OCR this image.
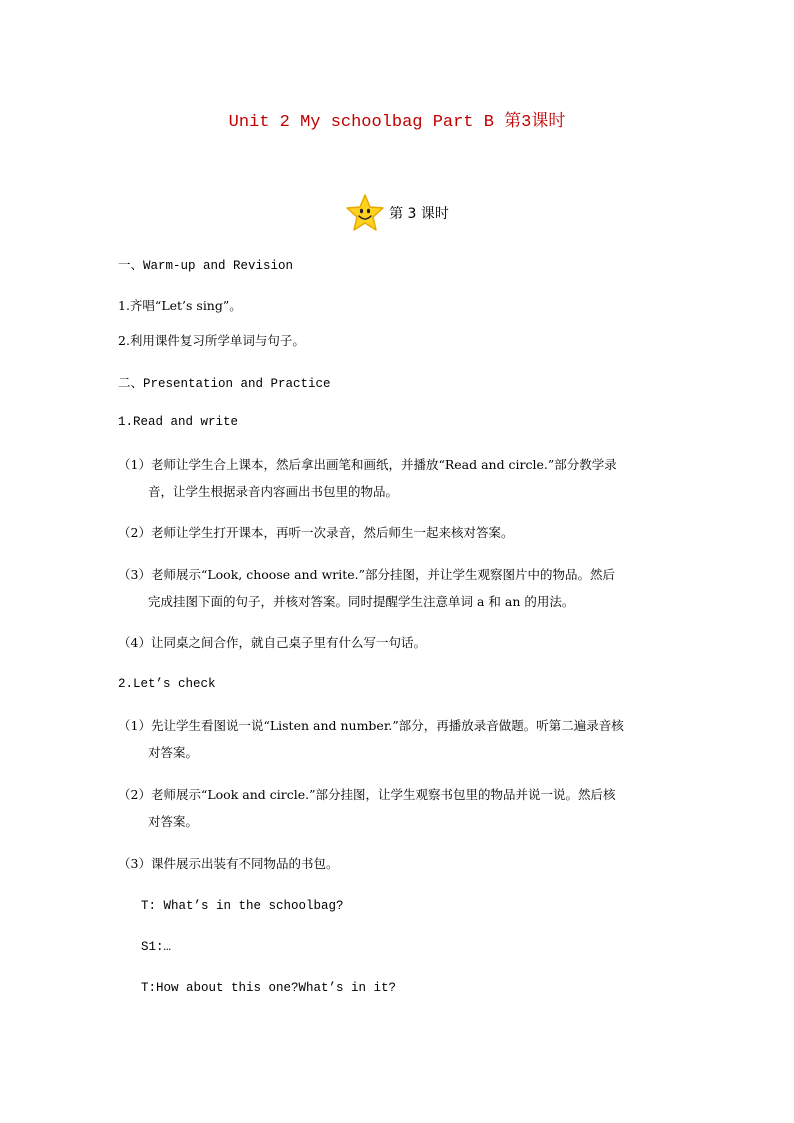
Unit 2 My schoolbag Part B 第3课时
第 3 课时
一、Warm-up and Revision
1.齐唱“Let’s sing”。
2.利用课件复习所学单词与句子。
二、Presentation and Practice
1.Read and write
（1）老师让学生合上课本，然后拿出画笔和画纸，并播放“Read and circle.”部分教学录
音，让学生根据录音内容画出书包里的物品。
（2）老师让学生打开课本，再听一次录音，然后师生一起来核对答案。
（3）老师展示“Look, choose and write.”部分挂图，并让学生观察图片中的物品。然后
完成挂图下面的句子，并核对答案。同时提醒学生注意单词 a 和 an 的用法。
（4）让同桌之间合作，就自己桌子里有什么写一句话。
2.Let’s check
（1）先让学生看图说一说“Listen and number.”部分，再播放录音做题。听第二遍录音核
对答案。
（2）老师展示“Look and circle.”部分挂图，让学生观察书包里的物品并说一说。然后核
对答案。
（3）课件展示出装有不同物品的书包。
T: What’s in the schoolbag?
S1:…
T:How about this one?What’s in it?
